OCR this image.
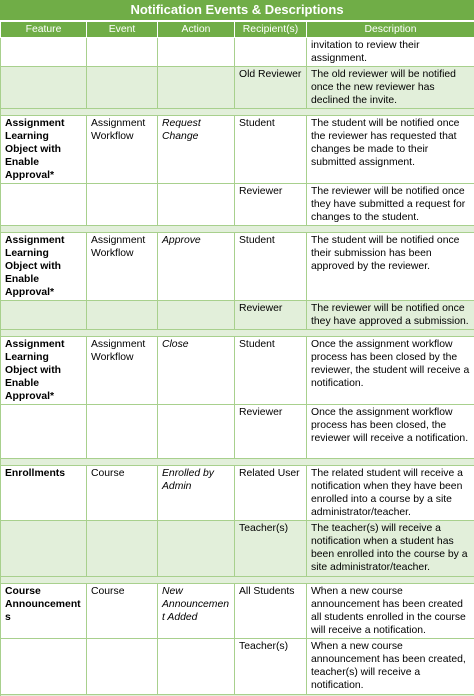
Notification Events & Descriptions
Feature	Event	Action	Recipient(s)	Description
				invitation to review their assignment.
			Old Reviewer	The old reviewer will be notified once the new reviewer has declined the invite.

Assignment Learning Object with Enable Approval*	Assignment Workflow	Request Change	Student	The student will be notified once the reviewer has requested that changes be made to their submitted assignment.
			Reviewer	The reviewer will be notified once they have submitted a request for changes to the student.

Assignment Learning Object with Enable Approval*	Assignment Workflow	Approve	Student	The student will be notified once their submission has been approved by the reviewer.
			Reviewer	The reviewer will be notified once they have approved a submission.

Assignment Learning Object with Enable Approval*	Assignment Workflow	Close	Student	Once the assignment workflow process has been closed by the reviewer, the student will receive a notification.
			Reviewer	Once the assignment workflow process has been closed, the reviewer will receive a notification.

Enrollments	Course	Enrolled by Admin	Related User	The related student will receive a notification when they have been enrolled into a course by a site administrator/teacher.
			Teacher(s)	The teacher(s) will receive a notification when a student has been enrolled into the course by a site administrator/teacher.

Course Announcements	Course	New Announcement Added	All Students	When a new course announcement has been created all students enrolled in the course will receive a notification.
			Teacher(s)	When a new course announcement has been created, teacher(s) will receive a notification.
